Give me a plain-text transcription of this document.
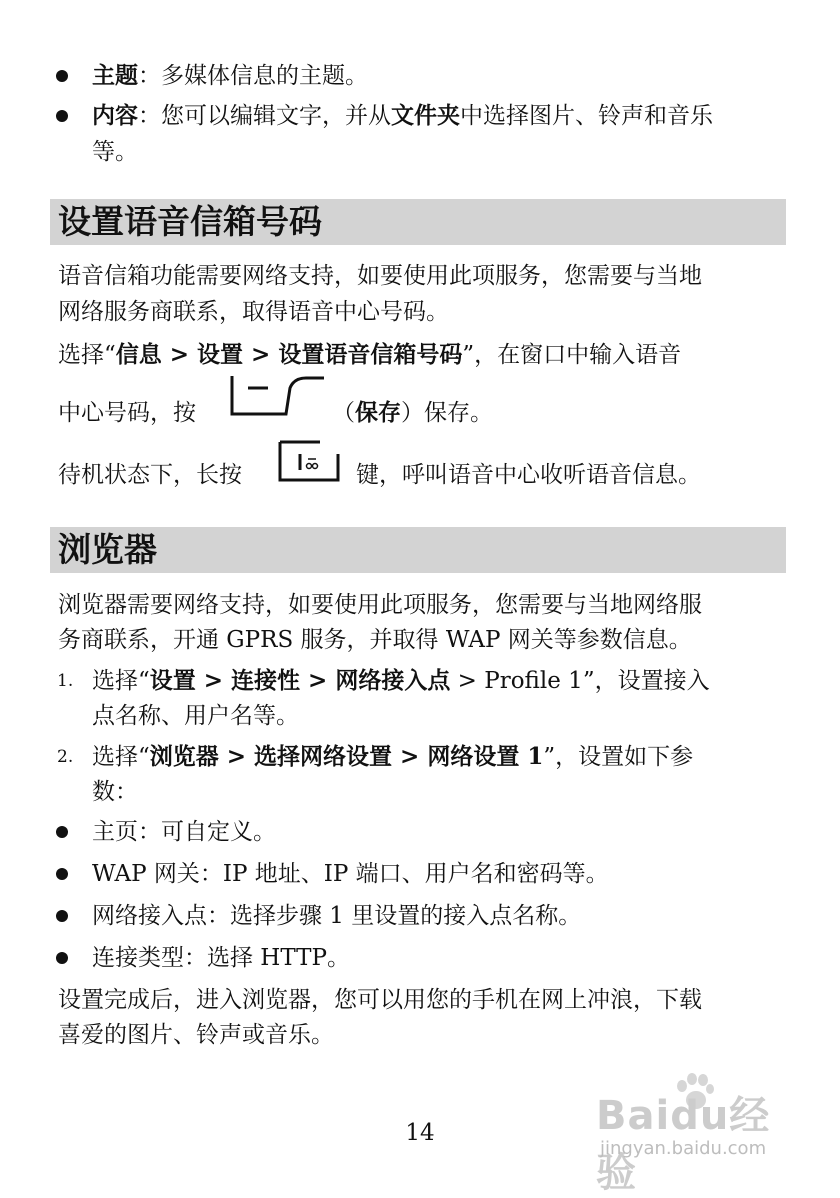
主题：多媒体信息的主题。

内容：您可以编辑文字，并从文件夹中选择图片、铃声和音乐

等。

设置语音信箱号码

语音信箱功能需要网络支持，如要使用此项服务，您需要与当地

网络服务商联系，取得语音中心号码。

选择“信息 > 设置 > 设置语音信箱号码”，在窗口中输入语音

中心号码，按	（保存）保存。

待机状态下，长按	键，呼叫语音中心收听语音信息。

浏览器

浏览器需要网络支持，如要使用此项服务，您需要与当地网络服

务商联系，开通 GPRS 服务，并取得 WAP 网关等参数信息。

1. 选择“设置 > 连接性 > 网络接入点 > Profile 1”，设置接入

点名称、用户名等。

2. 选择“浏览器 > 选择网络设置 > 网络设置 1”，设置如下参

数：

主页：可自定义。

WAP 网关：IP 地址、IP 端口、用户名和密码等。

网络接入点：选择步骤 1 里设置的接入点名称。

连接类型：选择 HTTP。

设置完成后，进入浏览器，您可以用您的手机在网上冲浪，下载

喜爱的图片、铃声或音乐。

14	Baidu经验
jingyan.baidu.com
